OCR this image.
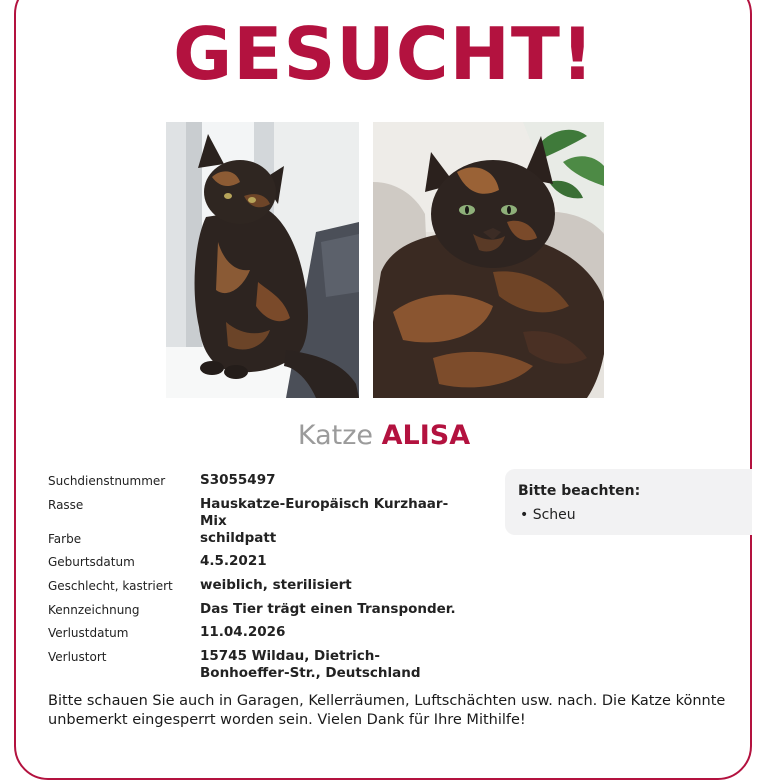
GESUCHT!
Katze ALISA
Suchdienstnummer	S3055497
Rasse	Hauskatze-Europäisch Kurzhaar-Mix
Farbe	schildpatt
Geburtsdatum	4.5.2021
Geschlecht, kastriert	weiblich, sterilisiert
Kennzeichnung	Das Tier trägt einen Transponder.
Verlustdatum	11.04.2026
Verlustort	15745 Wildau, Dietrich-Bonhoeffer-Str., Deutschland
Bitte beachten:
• Scheu
Bitte schauen Sie auch in Garagen, Kellerräumen, Luftschächten usw. nach. Die Katze könnte unbemerkt eingesperrt worden sein. Vielen Dank für Ihre Mithilfe!
